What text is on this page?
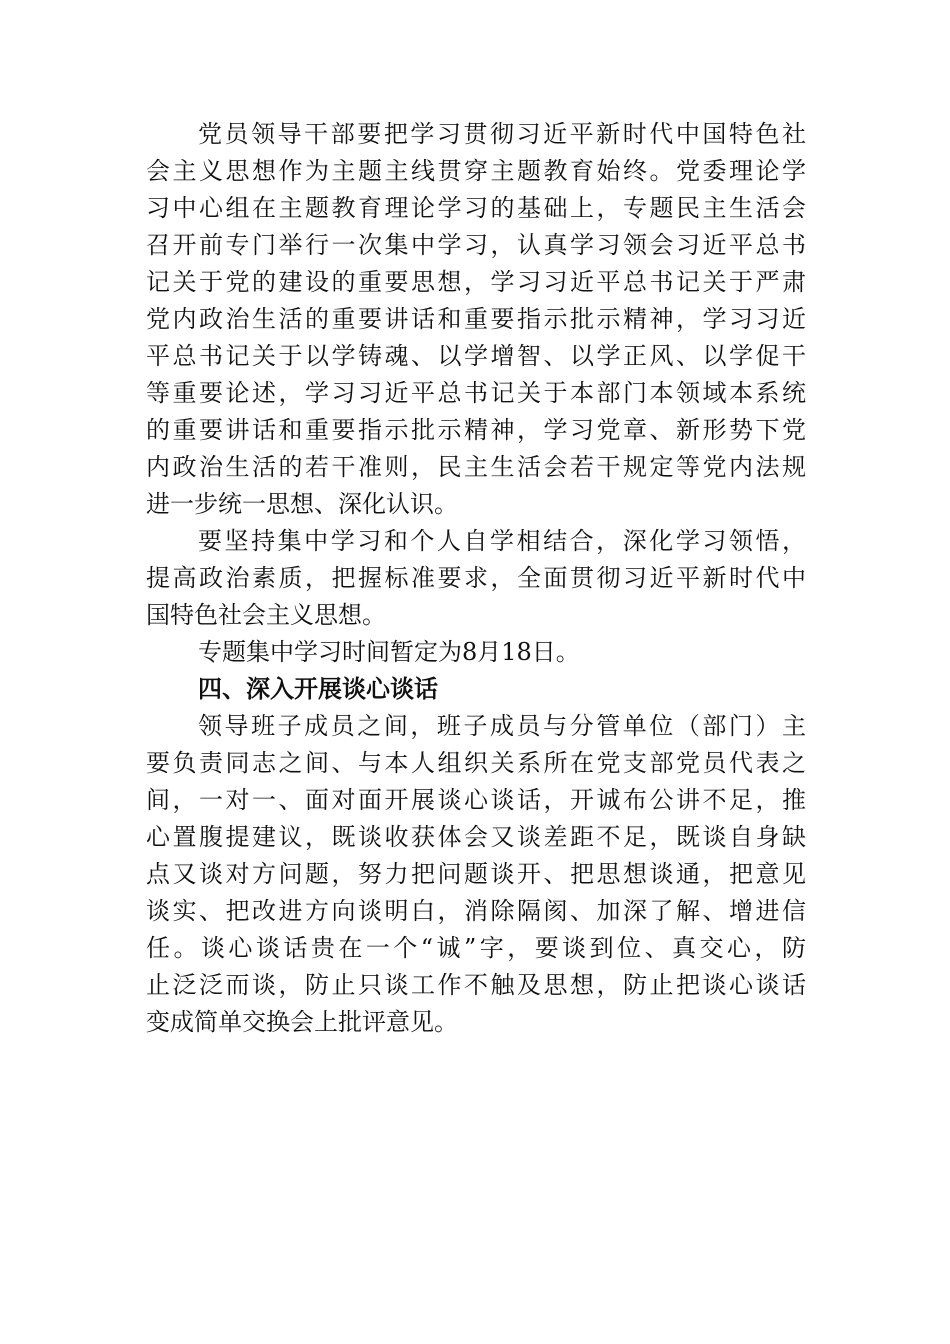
党员领导干部要把学习贯彻习近平新时代中国特色社
会主义思想作为主题主线贯穿主题教育始终。党委理论学
习中心组在主题教育理论学习的基础上，专题民主生活会
召开前专门举行一次集中学习，认真学习领会习近平总书
记关于党的建设的重要思想，学习习近平总书记关于严肃
党内政治生活的重要讲话和重要指示批示精神，学习习近
平总书记关于以学铸魂、以学增智、以学正风、以学促干
等重要论述，学习习近平总书记关于本部门本领域本系统
的重要讲话和重要指示批示精神，学习党章、新形势下党
内政治生活的若干准则，民主生活会若干规定等党内法规
进一步统一思想、深化认识。
要坚持集中学习和个人自学相结合，深化学习领悟，
提高政治素质，把握标准要求，全面贯彻习近平新时代中
国特色社会主义思想。
专题集中学习时间暂定为8月18日。
四、深入开展谈心谈话
领导班子成员之间，班子成员与分管单位（部门）主
要负责同志之间、与本人组织关系所在党支部党员代表之
间，一对一、面对面开展谈心谈话，开诚布公讲不足，推
心置腹提建议，既谈收获体会又谈差距不足，既谈自身缺
点又谈对方问题，努力把问题谈开、把思想谈通，把意见
谈实、把改进方向谈明白，消除隔阂、加深了解、增进信
任。谈心谈话贵在一个“诚”字，要谈到位、真交心，防
止泛泛而谈，防止只谈工作不触及思想，防止把谈心谈话
变成简单交换会上批评意见。
